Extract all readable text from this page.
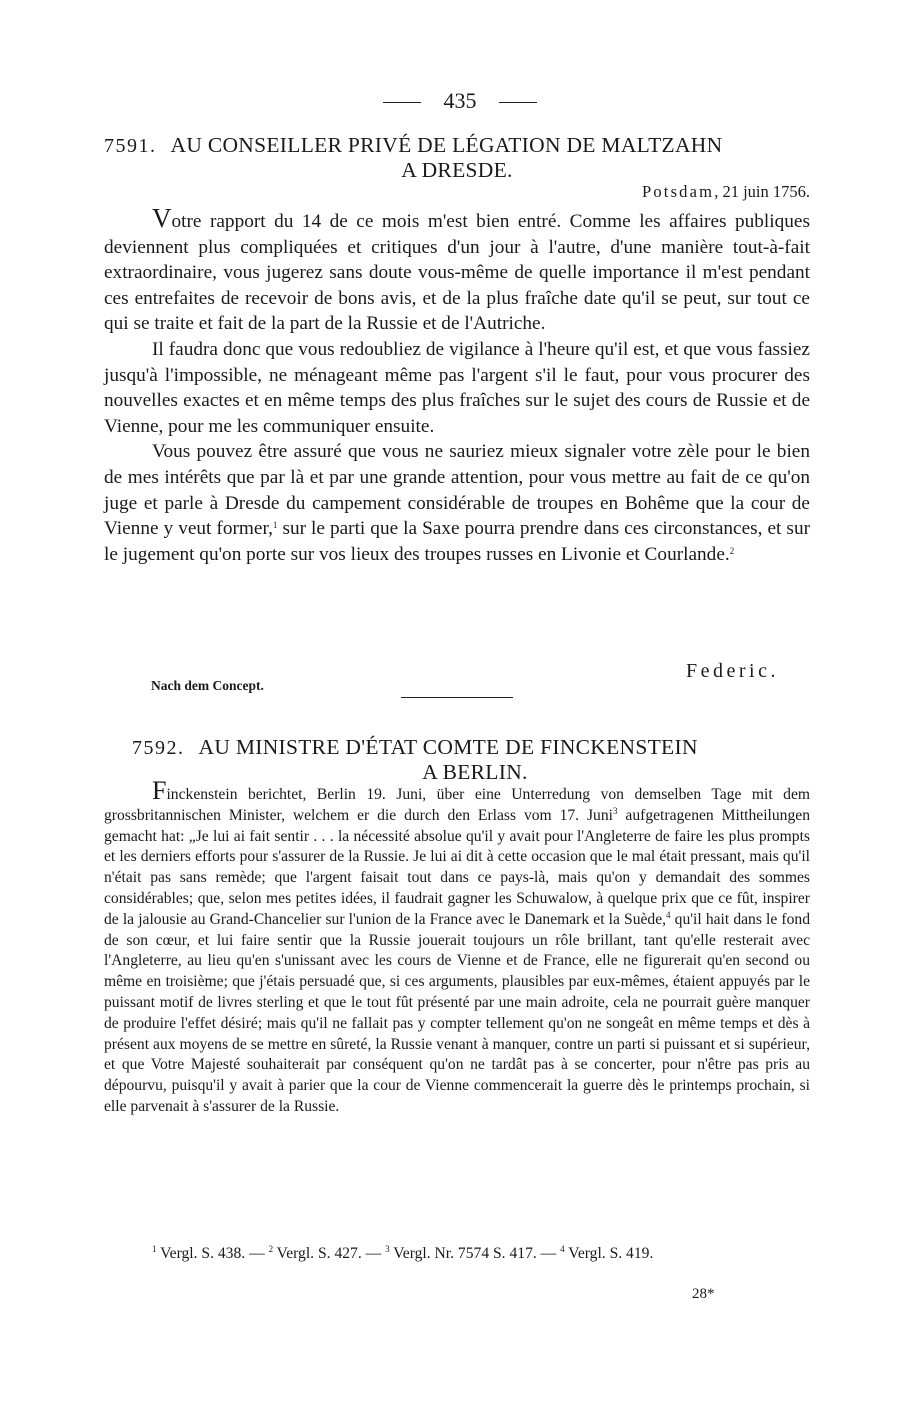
435
7591. AU CONSEILLER PRIVÉ DE LÉGATION DE MALTZAHN
A DRESDE.
Potsdam, 21 juin 1756.

Votre rapport du 14 de ce mois m'est bien entré. Comme les affaires publiques deviennent plus compliquées et critiques d'un jour à l'autre, d'une manière tout-à-fait extraordinaire, vous jugerez sans doute vous-même de quelle importance il m'est pendant ces entrefaites de recevoir de bons avis, et de la plus fraîche date qu'il se peut, sur tout ce qui se traite et fait de la part de la Russie et de l'Autriche.

Il faudra donc que vous redoubliez de vigilance à l'heure qu'il est, et que vous fassiez jusqu'à l'impossible, ne ménageant même pas l'argent s'il le faut, pour vous procurer des nouvelles exactes et en même temps des plus fraîches sur le sujet des cours de Russie et de Vienne, pour me les communiquer ensuite.

Vous pouvez être assuré que vous ne sauriez mieux signaler votre zèle pour le bien de mes intérêts que par là et par une grande attention, pour vous mettre au fait de ce qu'on juge et parle à Dresde du campement considérable de troupes en Bohême que la cour de Vienne y veut former,$^1$ sur le parti que la Saxe pourra prendre dans ces circonstances, et sur le jugement qu'on porte sur vos lieux des troupes russes en Livonie et Courlande.$^2$

Federic.
Nach dem Concept.
7592. AU MINISTRE D'ÉTAT COMTE DE FINCKENSTEIN
A BERLIN.

Finckenstein berichtet, Berlin 19. Juni, über eine Unterredung von demselben Tage mit dem grossbritannischen Minister, welchem er die durch den Erlass vom 17. Juni$^3$ aufgetragenen Mittheilungen gemacht hat: „Je lui ai fait sentir . . . la nécessité absolue qu'il y avait pour l'Angleterre de faire les plus prompts et les derniers efforts pour s'assurer de la Russie. Je lui ai dit à cette occasion que le mal était pressant, mais qu'il n'était pas sans remède; que l'argent faisait tout dans ce pays-là, mais qu'on y demandait des sommes considérables; que, selon mes petites idées, il faudrait gagner les Schuwalow, à quelque prix que ce fût, inspirer de la jalousie au Grand-Chancelier sur l'union de la France avec le Danemark et la Suède,$^4$ qu'il hait dans le fond de son cœur, et lui faire sentir que la Russie jouerait toujours un rôle brillant, tant qu'elle resterait avec l'Angleterre, au lieu qu'en s'unissant avec les cours de Vienne et de France, elle ne figurerait qu'en second ou même en troisième; que j'étais persuadé que, si ces arguments, plausibles par eux-mêmes, étaient appuyés par le puissant motif de livres sterling et que le tout fût présenté par une main adroite, cela ne pourrait guère manquer de produire l'effet désiré; mais qu'il ne fallait pas y compter tellement qu'on ne songeât en même temps et dès à présent aux moyens de se mettre en sûreté, la Russie venant à manquer, contre un parti si puissant et si supérieur, et que Votre Majesté souhaiterait par conséquent qu'on ne tardât pas à se concerter, pour n'être pas pris au dépourvu, puisqu'il y avait à parier que la cour de Vienne commencerait la guerre dès le printemps prochain, si elle parvenait à s'assurer de la Russie.

$^1$ Vergl. S. 438. — $^2$ Vergl. S. 427. — $^3$ Vergl. Nr. 7574 S. 417. — $^4$ Vergl. S. 419.

28*
